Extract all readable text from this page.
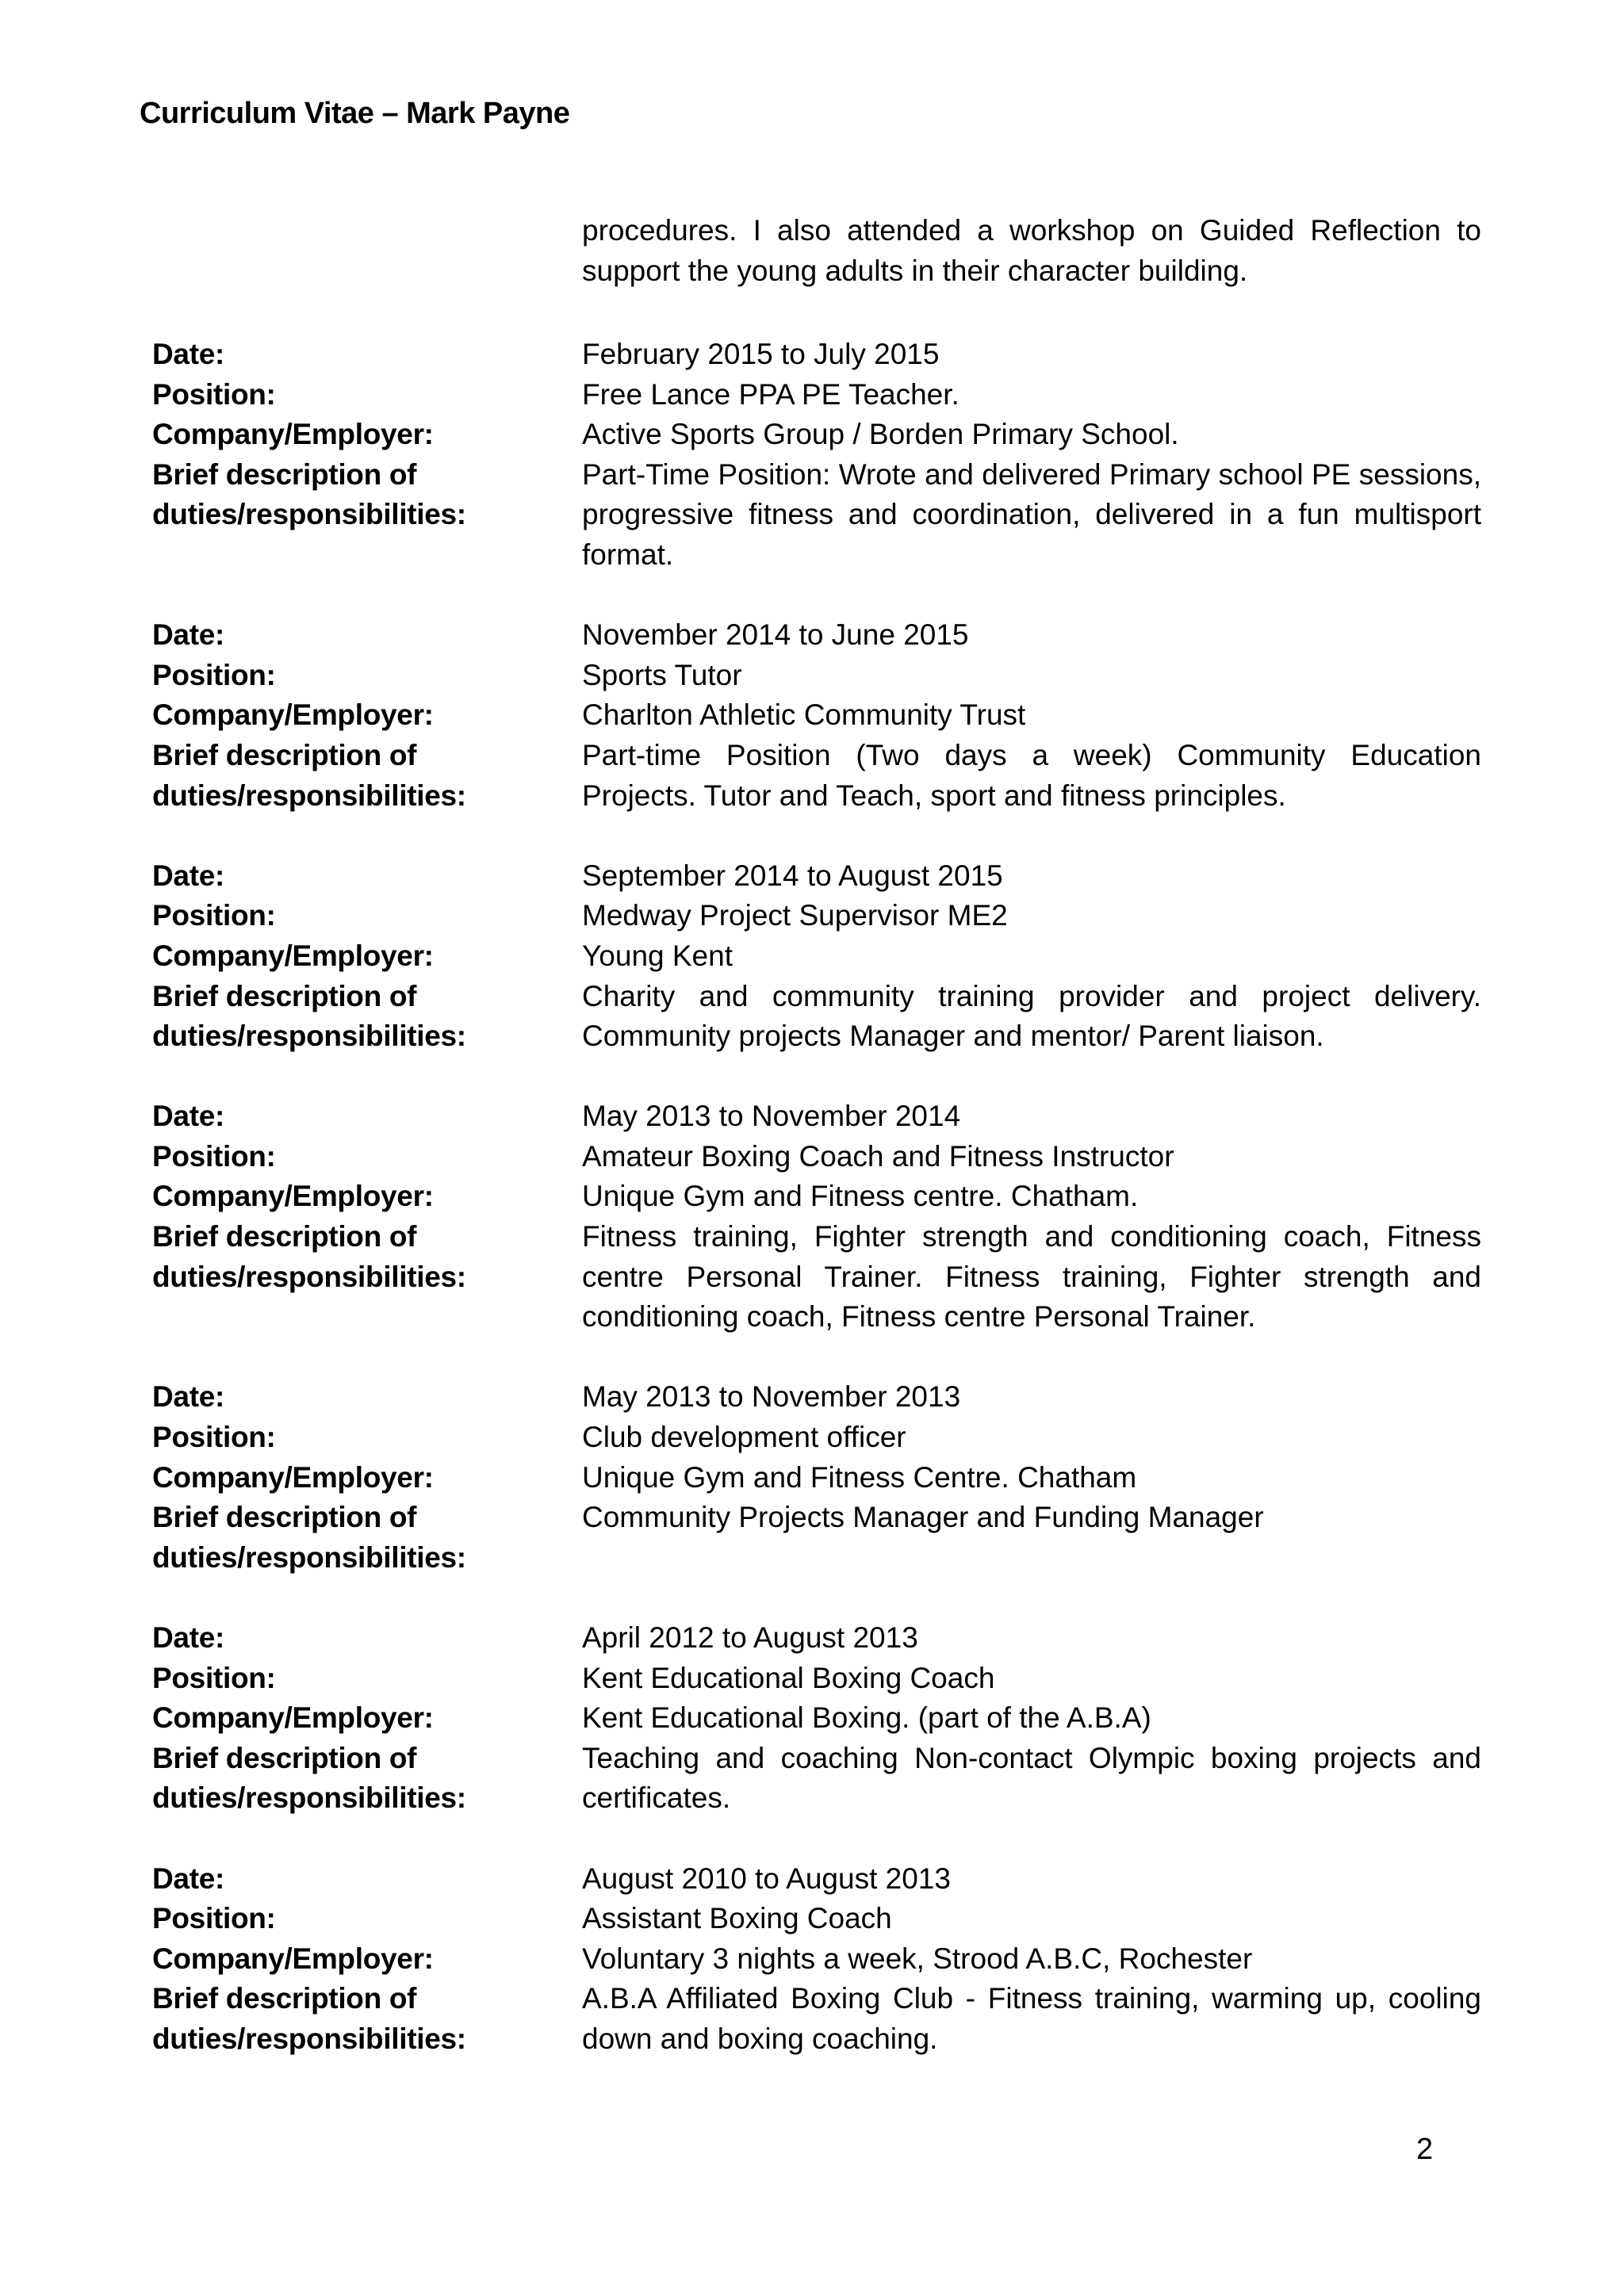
Curriculum Vitae – Mark Payne
procedures. I also attended a workshop on Guided Reflection to support the young adults in their character building.
Date:	February 2015 to July 2015
Position:	Free Lance PPA PE Teacher.
Company/Employer:	Active Sports Group / Borden Primary School.
Brief description of
duties/responsibilities:
Part-Time Position: Wrote and delivered Primary school PE sessions, progressive fitness and coordination, delivered in a fun multisport format.
Date:	November 2014 to June 2015
Position:	Sports Tutor
Company/Employer:	Charlton Athletic Community Trust
Brief description of
duties/responsibilities:
Part-time Position (Two days a week) Community Education Projects. Tutor and Teach, sport and fitness principles.
Date:	September 2014 to August 2015
Position:	Medway Project Supervisor ME2
Company/Employer:	Young Kent
Brief description of
duties/responsibilities:
Charity and community training provider and project delivery. Community projects Manager and mentor/ Parent liaison.
Date:	May 2013 to November 2014
Position:	Amateur Boxing Coach and Fitness Instructor
Company/Employer:	Unique Gym and Fitness centre. Chatham.
Brief description of
duties/responsibilities:
Fitness training, Fighter strength and conditioning coach, Fitness centre Personal Trainer. Fitness training, Fighter strength and conditioning coach, Fitness centre Personal Trainer.
Date:	May 2013 to November 2013
Position:	Club development officer
Company/Employer:	Unique Gym and Fitness Centre. Chatham
Brief description of
duties/responsibilities:
Community Projects Manager and Funding Manager
Date:	April 2012 to August 2013
Position:	Kent Educational Boxing Coach
Company/Employer:	Kent Educational Boxing. (part of the A.B.A)
Brief description of
duties/responsibilities:
Teaching and coaching Non-contact Olympic boxing projects and certificates.
Date:	August 2010 to August 2013
Position:	Assistant Boxing Coach
Company/Employer:	Voluntary 3 nights a week, Strood A.B.C, Rochester
Brief description of
duties/responsibilities:
A.B.A Affiliated Boxing Club - Fitness training, warming up, cooling down and boxing coaching.
2
